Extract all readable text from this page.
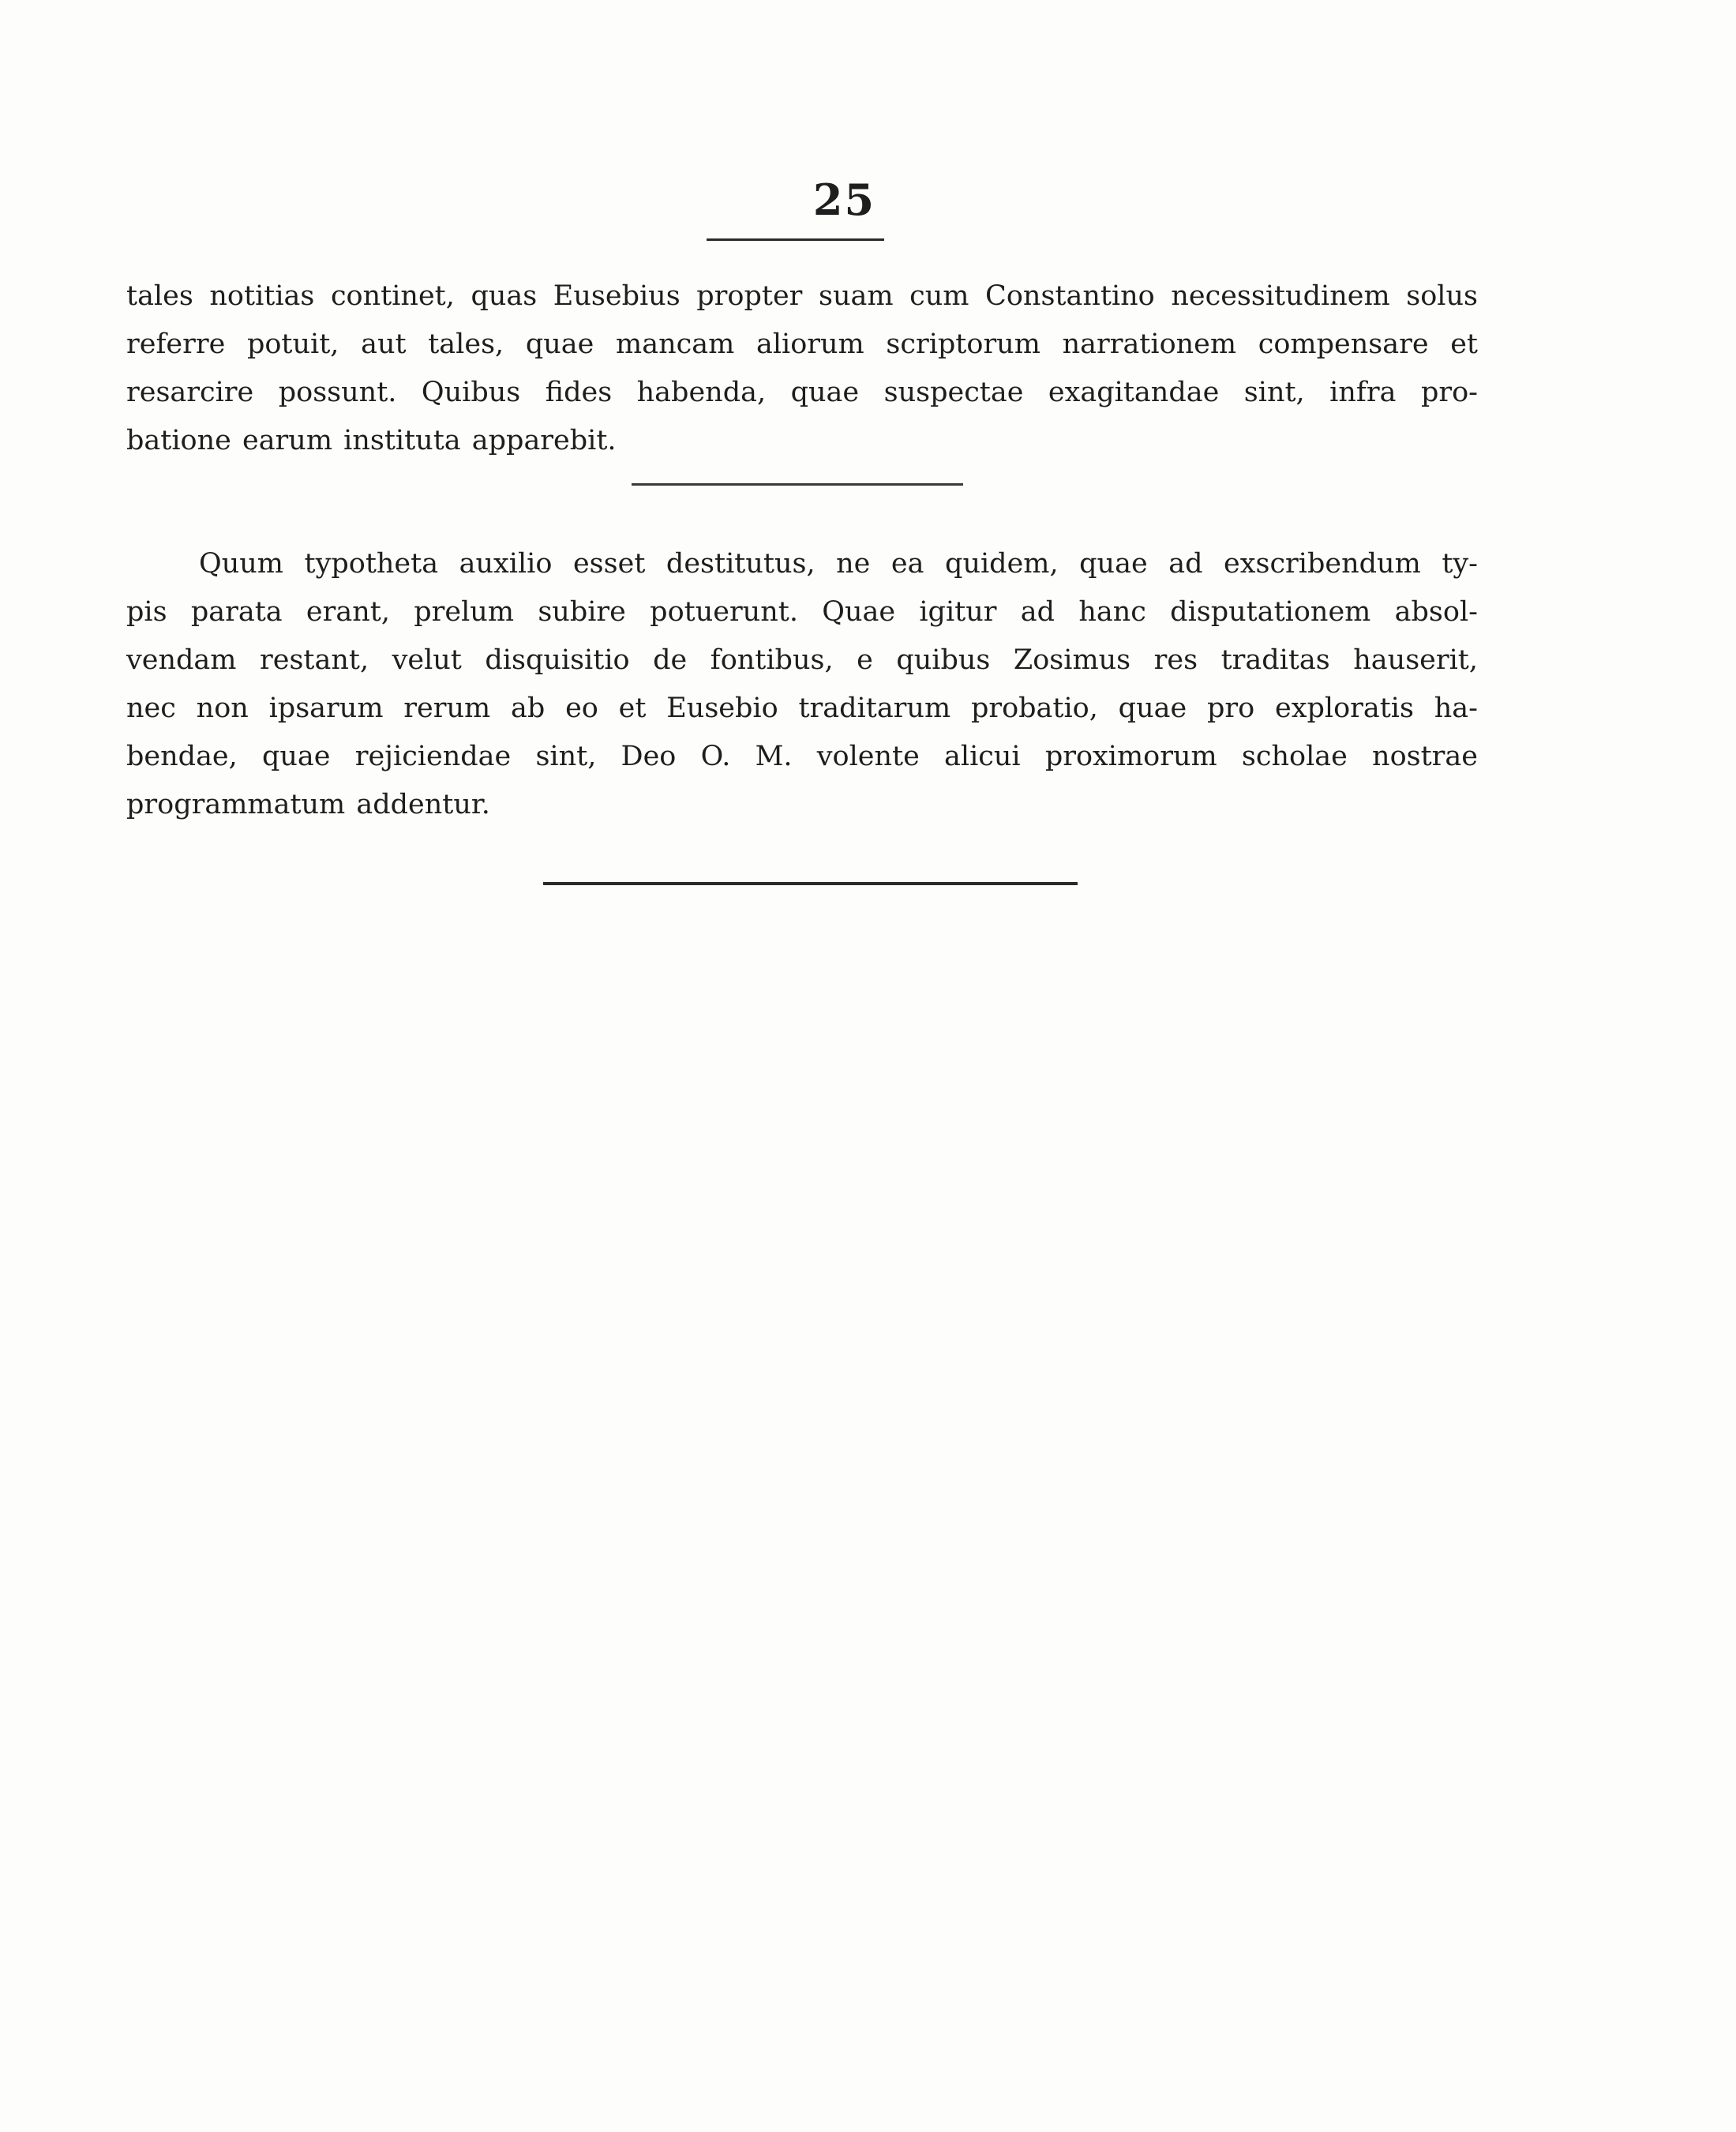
25
tales notitias continet, quas Eusebius propter suam cum Constantino necessitudinem solus
referre potuit, aut tales, quae mancam aliorum scriptorum narrationem compensare et
resarcire possunt. Quibus fides habenda, quae suspectae exagitandae sint, infra pro-
batione earum instituta apparebit.
Quum typotheta auxilio esset destitutus, ne ea quidem, quae ad exscribendum ty-
pis parata erant, prelum subire potuerunt. Quae igitur ad hanc disputationem absol-
vendam restant, velut disquisitio de fontibus, e quibus Zosimus res traditas hauserit,
nec non ipsarum rerum ab eo et Eusebio traditarum probatio, quae pro exploratis ha-
bendae, quae rejiciendae sint, Deo O. M. volente alicui proximorum scholae nostrae
programmatum addentur.
